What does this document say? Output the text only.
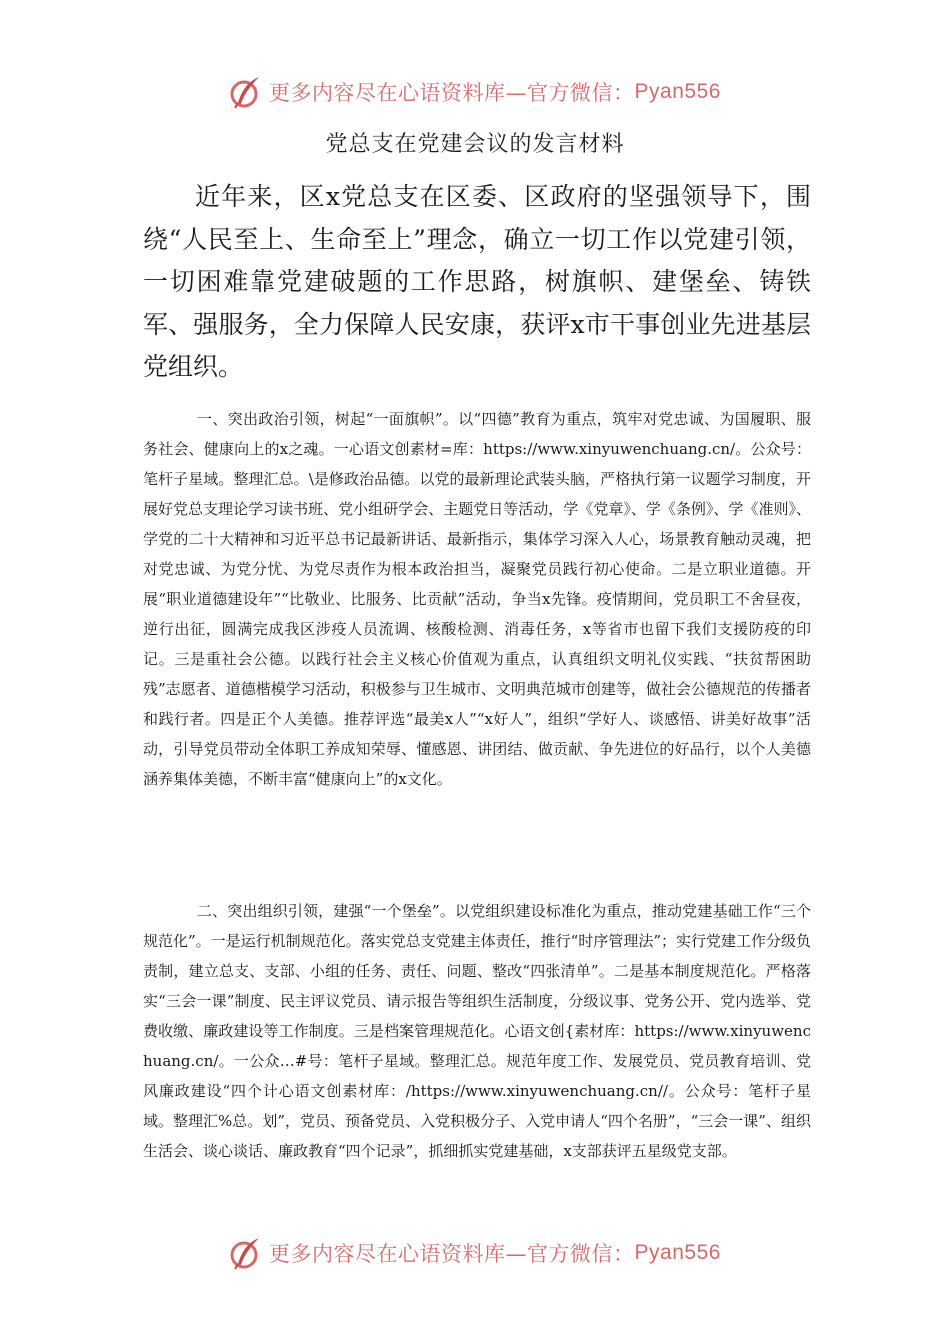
更多内容尽在心语资料库—官方微信： Pyan556
党总支在党建会议的发言材料
近年来，区x党总支在区委、区政府的坚强领导下，围绕“人民至上、生命至上”理念，确立一切工作以党建引领，一切困难靠党建破题的工作思路，树旗帜、建堡垒、铸铁军、强服务，全力保障人民安康，获评x市干事创业先进基层党组织。
一、突出政治引领，树起“一面旗帜”。以“四德”教育为重点，筑牢对党忠诚、为国履职、服务社会、健康向上的x之魂。一心语文创素材=库：https://www.xinyuwenchuang.cn/。公众号：笔杆子星域。整理汇总。\是修政治品德。以党的最新理论武装头脑，严格执行第一议题学习制度，开展好党总支理论学习读书班、党小组研学会、主题党日等活动，学《党章》、学《条例》、学《准则》、学党的二十大精神和习近平总书记最新讲话、最新指示，集体学习深入人心，场景教育触动灵魂，把对党忠诚、为党分忧、为党尽责作为根本政治担当，凝聚党员践行初心使命。二是立职业道德。开展“职业道德建设年”“比敬业、比服务、比贡献”活动，争当x先锋。疫情期间，党员职工不舍昼夜，逆行出征，圆满完成我区涉疫人员流调、核酸检测、消毒任务，x等省市也留下我们支援防疫的印记。三是重社会公德。以践行社会主义核心价值观为重点，认真组织文明礼仪实践、“扶贫帮困助残”志愿者、道德楷模学习活动，积极参与卫生城市、文明典范城市创建等，做社会公德规范的传播者和践行者。四是正个人美德。推荐评选“最美x人”“x好人”，组织“学好人、谈感悟、讲美好故事”活动，引导党员带动全体职工养成知荣辱、懂感恩、讲团结、做贡献、争先进位的好品行，以个人美德涵养集体美德，不断丰富“健康向上”的x文化。
二、突出组织引领，建强“一个堡垒”。以党组织建设标准化为重点，推动党建基础工作“三个规范化”。一是运行机制规范化。落实党总支党建主体责任，推行“时序管理法”；实行党建工作分级负责制，建立总支、支部、小组的任务、责任、问题、整改“四张清单”。二是基本制度规范化。严格落实“三会一课”制度、民主评议党员、请示报告等组织生活制度，分级议事、党务公开、党内选举、党费收缴、廉政建设等工作制度。三是档案管理规范化。心语文创{素材库：https://www.xinyuwenchuang.cn/。一公众…#号：笔杆子星域。整理汇总。规范年度工作、发展党员、党员教育培训、党风廉政建设“四个计心语文创素材库：/https://www.xinyuwenchuang.cn//。公众号：笔杆子星域。整理汇%总。划”，党员、预备党员、入党积极分子、入党申请人“四个名册”，“三会一课”、组织生活会、谈心谈话、廉政教育“四个记录”，抓细抓实党建基础，x支部获评五星级党支部。
更多内容尽在心语资料库—官方微信： Pyan556
